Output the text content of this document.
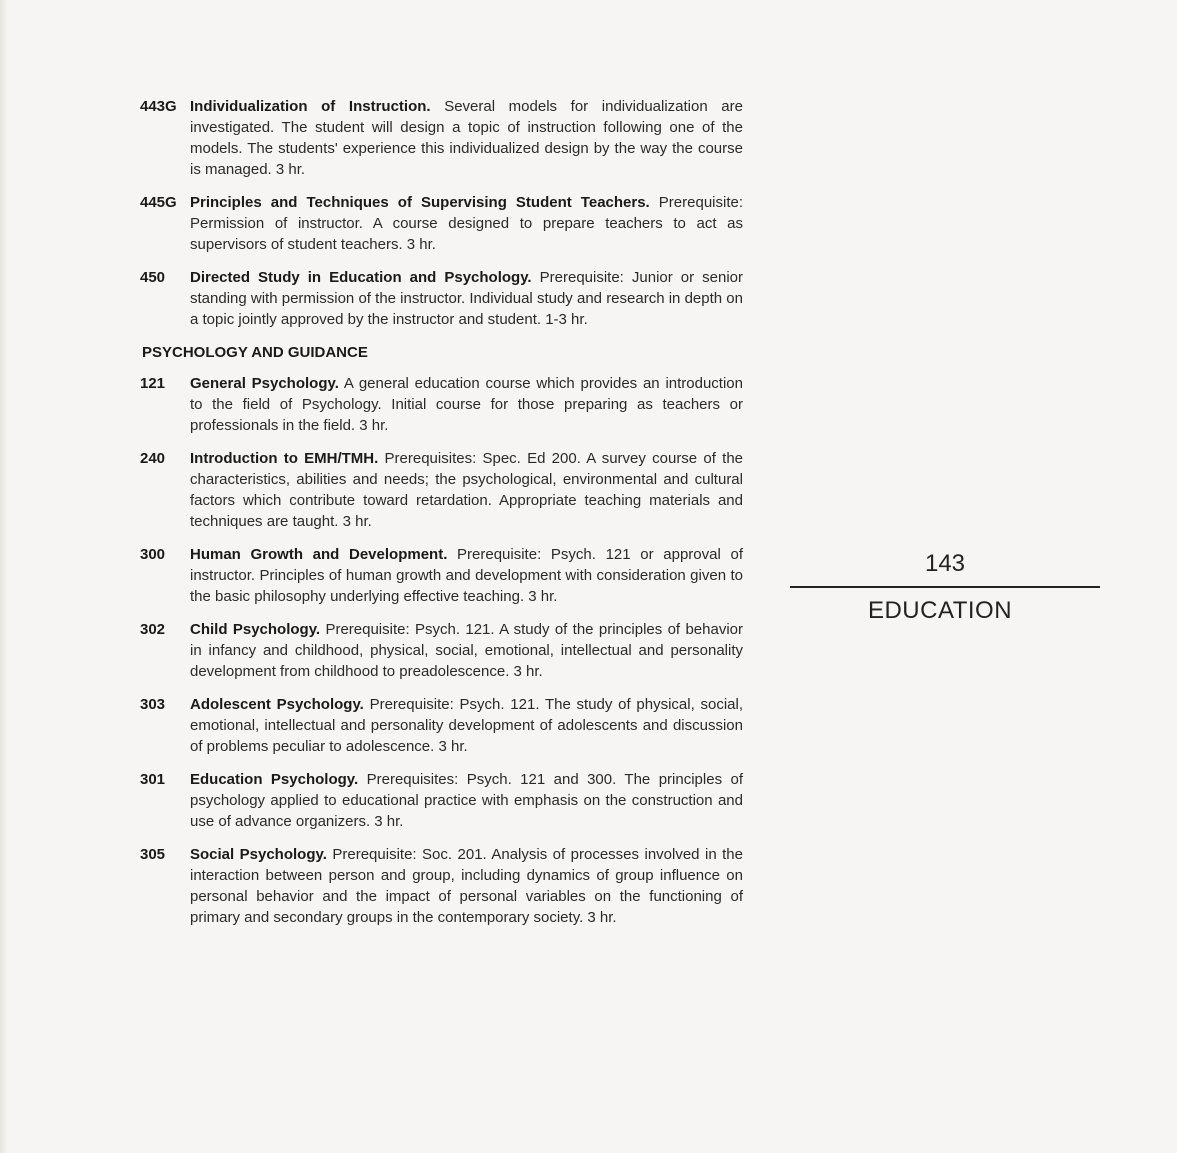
443G Individualization of Instruction. Several models for individualization are investigated. The student will design a topic of instruction following one of the models. The students' experience this individualized design by the way the course is managed. 3 hr.
445G Principles and Techniques of Supervising Student Teachers. Prerequisite: Permission of instructor. A course designed to prepare teachers to act as supervisors of student teachers. 3 hr.
450	Directed Study in Education and Psychology. Prerequisite: Junior or senior standing with permission of the instructor. Individual study and research in depth on a topic jointly approved by the instructor and student. 1-3 hr.
PSYCHOLOGY AND GUIDANCE
121	General Psychology. A general education course which provides an introduction to the field of Psychology. Initial course for those preparing as teachers or professionals in the field. 3 hr.
240	Introduction to EMH/TMH. Prerequisites: Spec. Ed 200. A survey course of the characteristics, abilities and needs; the psychological, environmental and cultural factors which contribute toward retardation. Appropriate teaching materials and techniques are taught. 3 hr.
300	Human Growth and Development. Prerequisite: Psych. 121 or approval of instructor. Principles of human growth and development with consideration given to the basic philosophy underlying effective teaching. 3 hr.
302	Child Psychology. Prerequisite: Psych. 121. A study of the principles of behavior in infancy and childhood, physical, social, emotional, intellectual and personality development from childhood to preadolescence. 3 hr.
303	Adolescent Psychology. Prerequisite: Psych. 121. The study of physical, social, emotional, intellectual and personality development of adolescents and discussion of problems peculiar to adolescence. 3 hr.
301	Education Psychology. Prerequisites: Psych. 121 and 300. The principles of psychology applied to educational practice with emphasis on the construction and use of advance organizers. 3 hr.
305	Social Psychology. Prerequisite: Soc. 201. Analysis of processes involved in the interaction between person and group, including dynamics of group influence on personal behavior and the impact of personal variables on the functioning of primary and secondary groups in the contemporary society. 3 hr.
143
EDUCATION
